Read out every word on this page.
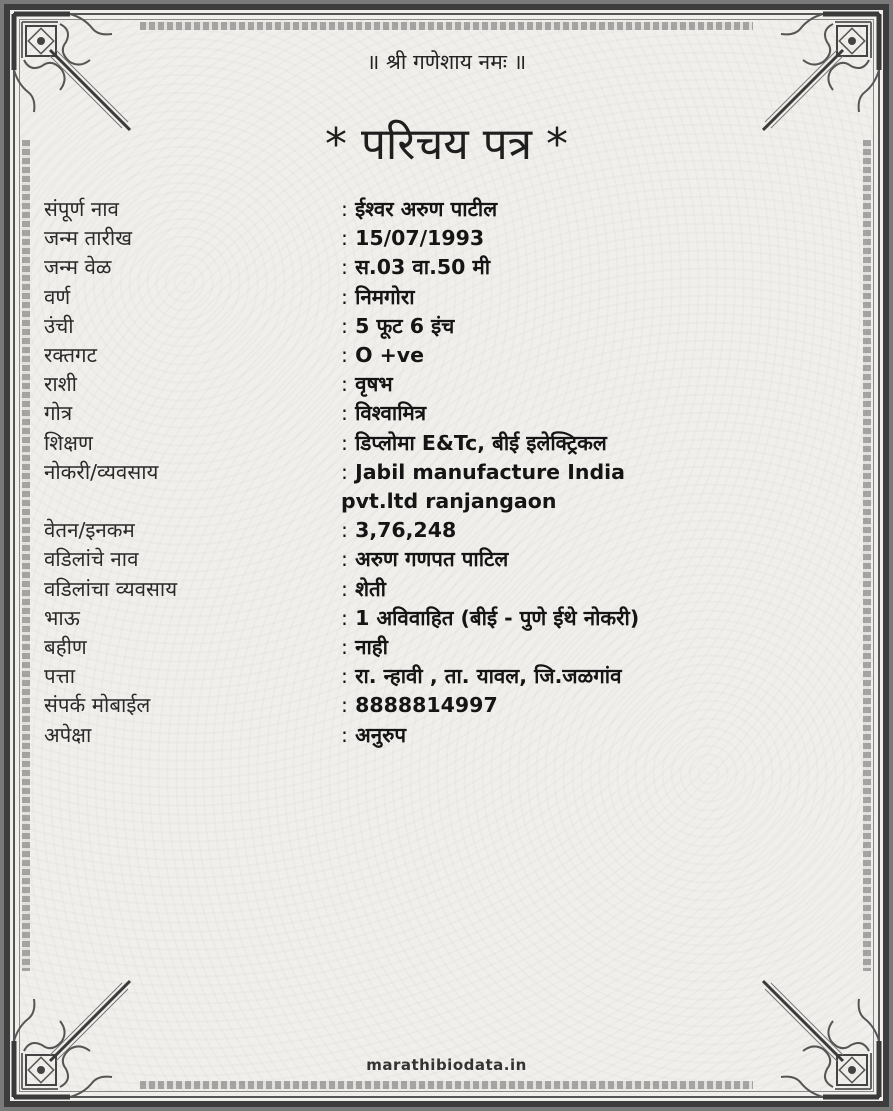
॥ श्री गणेशाय नमः ॥
* परिचय पत्र *
संपूर्ण नाव	: ईश्वर अरुण पाटील
जन्म तारीख	: 15/07/1993
जन्म वेळ	: स.03 वा.50 मी
वर्ण	: निमगोरा
उंची	: 5 फूट 6 इंच
रक्तगट	: O +ve
राशी	: वृषभ
गोत्र	: विश्वामित्र
शिक्षण	: डिप्लोमा E&Tc, बीई इलेक्ट्रिकल
नोकरी/व्यवसाय	: Jabil manufacture India pvt.ltd ranjangaon
वेतन/इनकम	: 3,76,248
वडिलांचे नाव	: अरुण गणपत पाटिल
वडिलांचा व्यवसाय	: शेती
भाऊ	: 1 अविवाहित (बीई - पुणे ईथे नोकरी)
बहीण	: नाही
पत्ता	: रा. न्हावी , ता. यावल, जि.जळगांव
संपर्क मोबाईल	: 8888814997
अपेक्षा	: अनुरुप
marathibiodata.in
